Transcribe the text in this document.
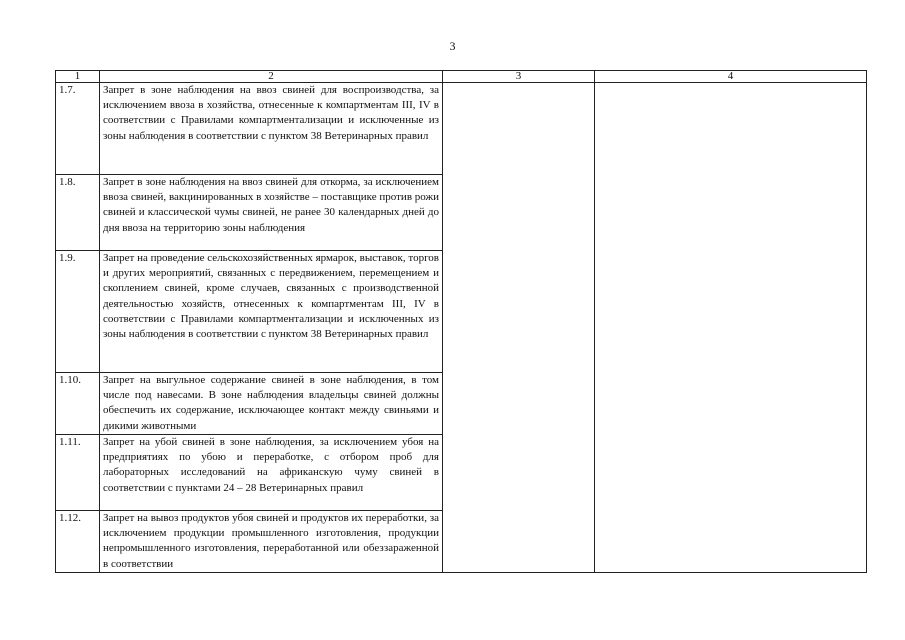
3
1	2	3	4
1.7.	Запрет в зоне наблюдения на ввоз свиней для воспроизводства, за исключением ввоза в хозяйства, отнесенные к компартментам III, IV в соответствии с Правилами компартментализации и исключенные из зоны наблюдения в соответствии с пунктом 38 Ветеринарных правил		
1.8.	Запрет в зоне наблюдения на ввоз свиней для откорма, за исключением ввоза свиней, вакцинированных в хозяйстве – поставщике против рожи свиней и классической чумы свиней, не ранее 30 календарных дней до дня ввоза на территорию зоны наблюдения		
1.9.	Запрет на проведение сельскохозяйственных ярмарок, выставок, торгов и других мероприятий, связанных с передвижением, перемещением и скоплением свиней, кроме случаев, связанных с производственной деятельностью хозяйств, отнесенных к компартментам III, IV в соответствии с Правилами компартментализации и исключенных из зоны наблюдения в соответствии с пунктом 38 Ветеринарных правил		
1.10.	Запрет на выгульное содержание свиней в зоне наблюдения, в том числе под навесами. В зоне наблюдения владельцы свиней должны обеспечить их содержание, исключающее контакт между свиньями и дикими животными		
1.11.	Запрет на убой свиней в зоне наблюдения, за исключением убоя на предприятиях по убою и переработке, с отбором проб для лабораторных исследований на африканскую чуму свиней в соответствии с пунктами 24 – 28 Ветеринарных правил		
1.12.	Запрет на вывоз продуктов убоя свиней и продуктов их переработки, за исключением продукции промышленного изготовления, продукции непромышленного изготовления, переработанной или обеззараженной в соответствии		
